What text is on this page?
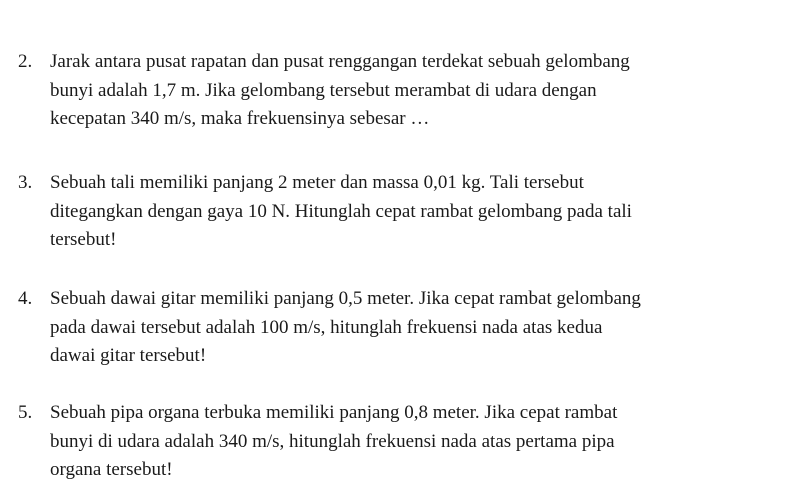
2. Jarak antara pusat rapatan dan pusat renggangan terdekat sebuah gelombang
bunyi adalah 1,7 m. Jika gelombang tersebut merambat di udara dengan
kecepatan 340 m/s, maka frekuensinya sebesar …
3. Sebuah tali memiliki panjang 2 meter dan massa 0,01 kg. Tali tersebut
ditegangkan dengan gaya 10 N. Hitunglah cepat rambat gelombang pada tali
tersebut!
4. Sebuah dawai gitar memiliki panjang 0,5 meter. Jika cepat rambat gelombang
pada dawai tersebut adalah 100 m/s, hitunglah frekuensi nada atas kedua
dawai gitar tersebut!
5. Sebuah pipa organa terbuka memiliki panjang 0,8 meter. Jika cepat rambat
bunyi di udara adalah 340 m/s, hitunglah frekuensi nada atas pertama pipa
organa tersebut!
